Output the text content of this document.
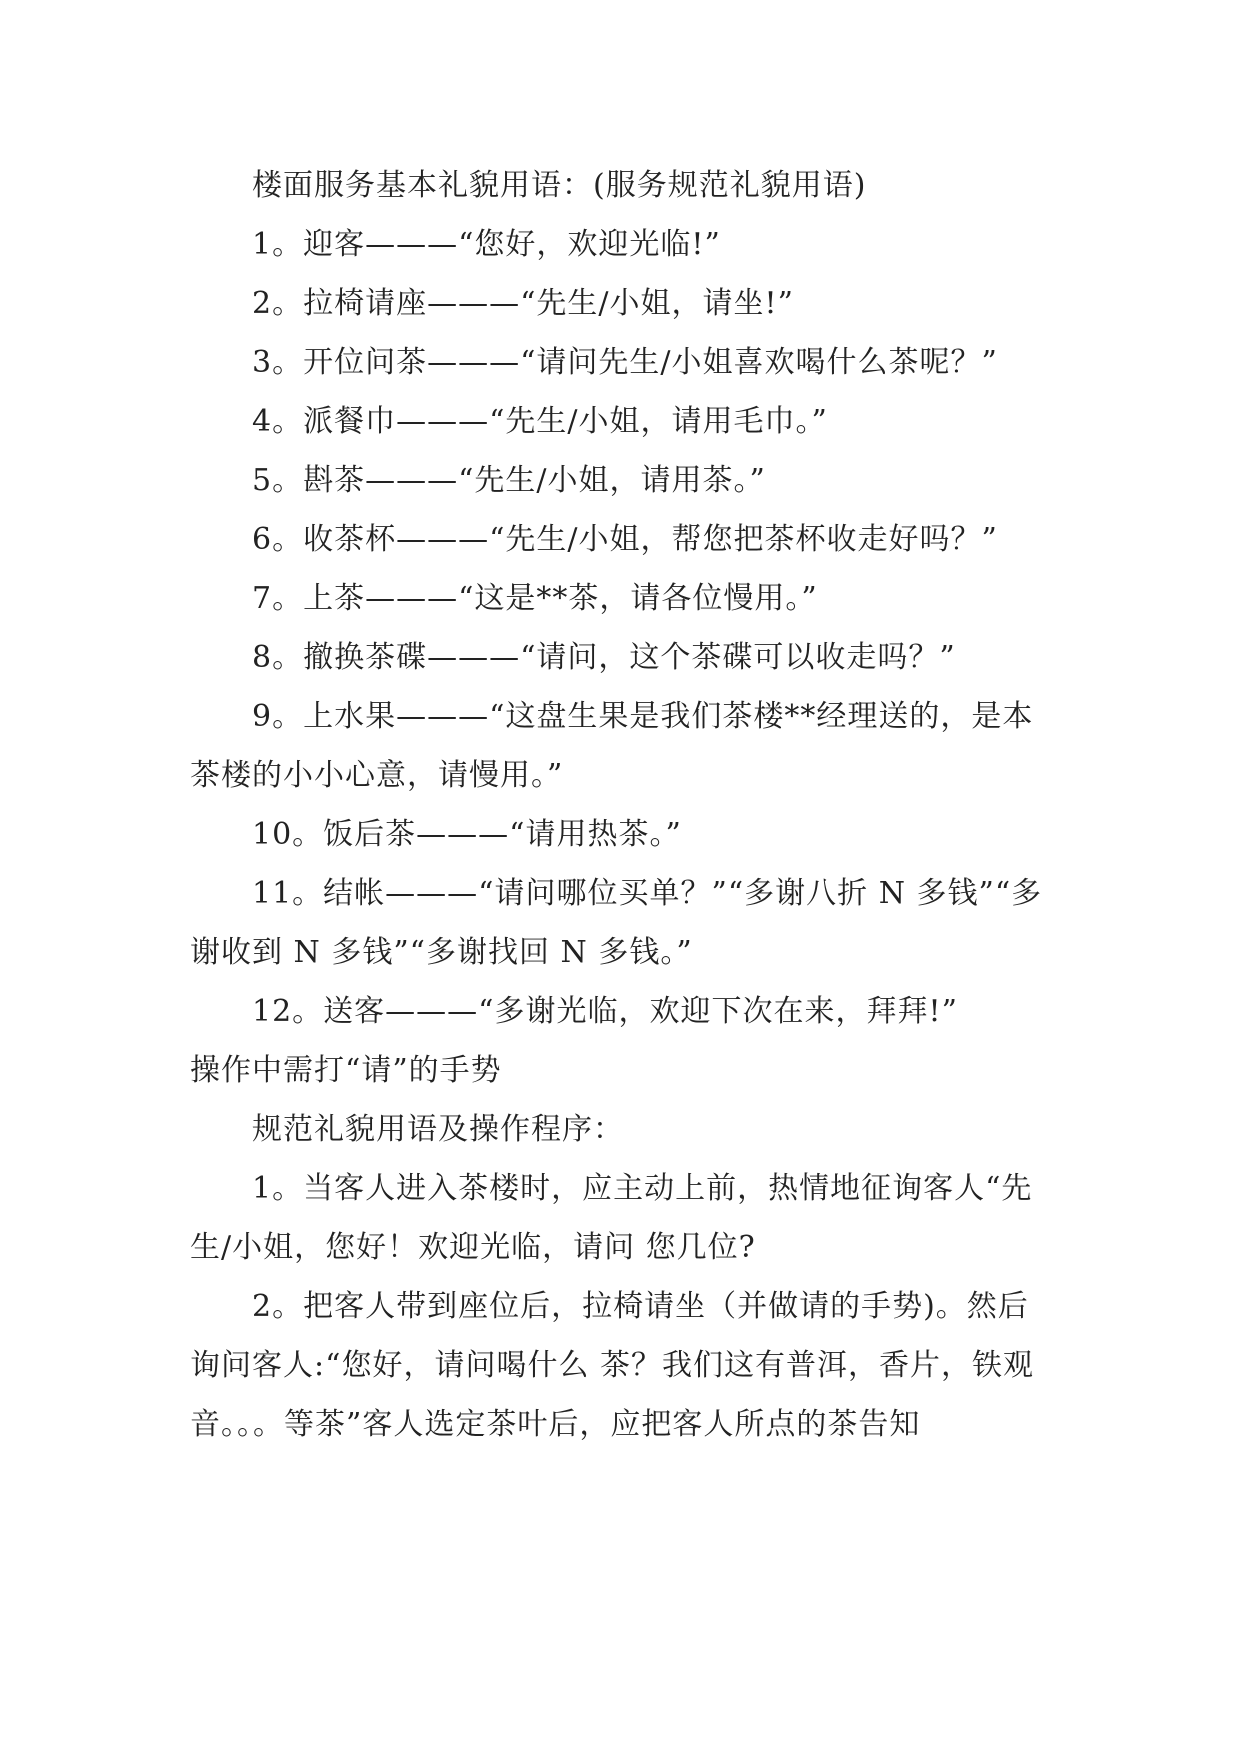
楼面服务基本礼貌用语：(服务规范礼貌用语)

1。迎客———“您好，欢迎光临!”

2。拉椅请座———“先生/小姐，请坐!”

3。开位问茶———“请问先生/小姐喜欢喝什么茶呢？”

4。派餐巾———“先生/小姐，请用毛巾。”

5。斟茶———“先生/小姐，请用茶。”

6。收茶杯———“先生/小姐，帮您把茶杯收走好吗？”

7。上茶———“这是**茶，请各位慢用。”

8。撤换茶碟———“请问，这个茶碟可以收走吗？”

9。上水果———“这盘生果是我们茶楼**经理送的，是本茶楼的小小心意，请慢用。”

10。饭后茶———“请用热茶。”

11。结帐———“请问哪位买单？”“多谢八折 N 多钱”“多谢收到 N 多钱”“多谢找回 N 多钱。”

12。送客———“多谢光临，欢迎下次在来，拜拜!”

操作中需打“请”的手势

规范礼貌用语及操作程序：

1。当客人进入茶楼时，应主动上前，热情地征询客人“先生/小姐，您好！欢迎光临，请问 您几位?

2。把客人带到座位后，拉椅请坐（并做请的手势)。然后询问客人:“您好，请问喝什么 茶？我们这有普洱，香片，铁观音。。。等茶”客人选定茶叶后，应把客人所点的茶告知
